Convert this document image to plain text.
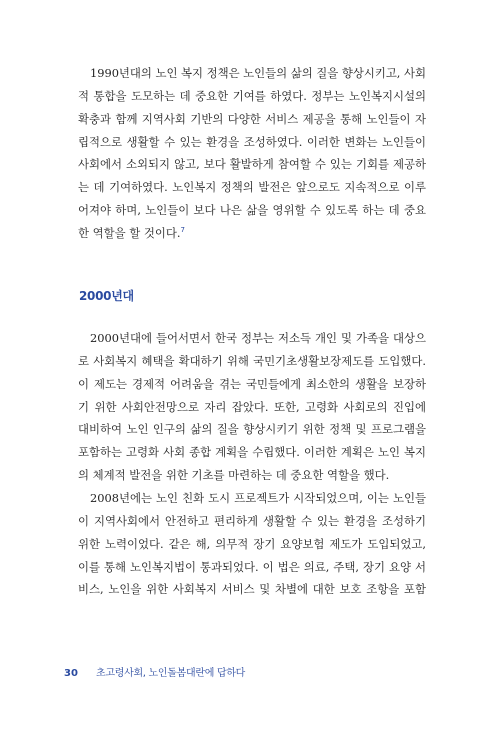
1990년대의 노인 복지 정책은 노인들의 삶의 질을 향상시키고, 사회

적 통합을 도모하는 데 중요한 기여를 하였다. 정부는 노인복지시설의

확충과 함께 지역사회 기반의 다양한 서비스 제공을 통해 노인들이 자

립적으로 생활할 수 있는 환경을 조성하였다. 이러한 변화는 노인들이

사회에서 소외되지 않고, 보다 활발하게 참여할 수 있는 기회를 제공하

는 데 기여하였다. 노인복지 정책의 발전은 앞으로도 지속적으로 이루

어져야 하며, 노인들이 보다 나은 삶을 영위할 수 있도록 하는 데 중요

한 역할을 할 것이다.$^7$

2000년대

2000년대에 들어서면서 한국 정부는 저소득 개인 및 가족을 대상으

로 사회복지 혜택을 확대하기 위해 국민기초생활보장제도를 도입했다.

이 제도는 경제적 어려움을 겪는 국민들에게 최소한의 생활을 보장하

기 위한 사회안전망으로 자리 잡았다. 또한, 고령화 사회로의 진입에

대비하여 노인 인구의 삶의 질을 향상시키기 위한 정책 및 프로그램을

포함하는 고령화 사회 종합 계획을 수립했다. 이러한 계획은 노인 복지

의 체계적 발전을 위한 기초를 마련하는 데 중요한 역할을 했다.

2008년에는 노인 친화 도시 프로젝트가 시작되었으며, 이는 노인들

이 지역사회에서 안전하고 편리하게 생활할 수 있는 환경을 조성하기

위한 노력이었다. 같은 해, 의무적 장기 요양보험 제도가 도입되었고,

이를 통해 노인복지법이 통과되었다. 이 법은 의료, 주택, 장기 요양 서

비스, 노인을 위한 사회복지 서비스 및 차별에 대한 보호 조항을 포함

30 초고령사회, 노인돌봄대란에 답하다
